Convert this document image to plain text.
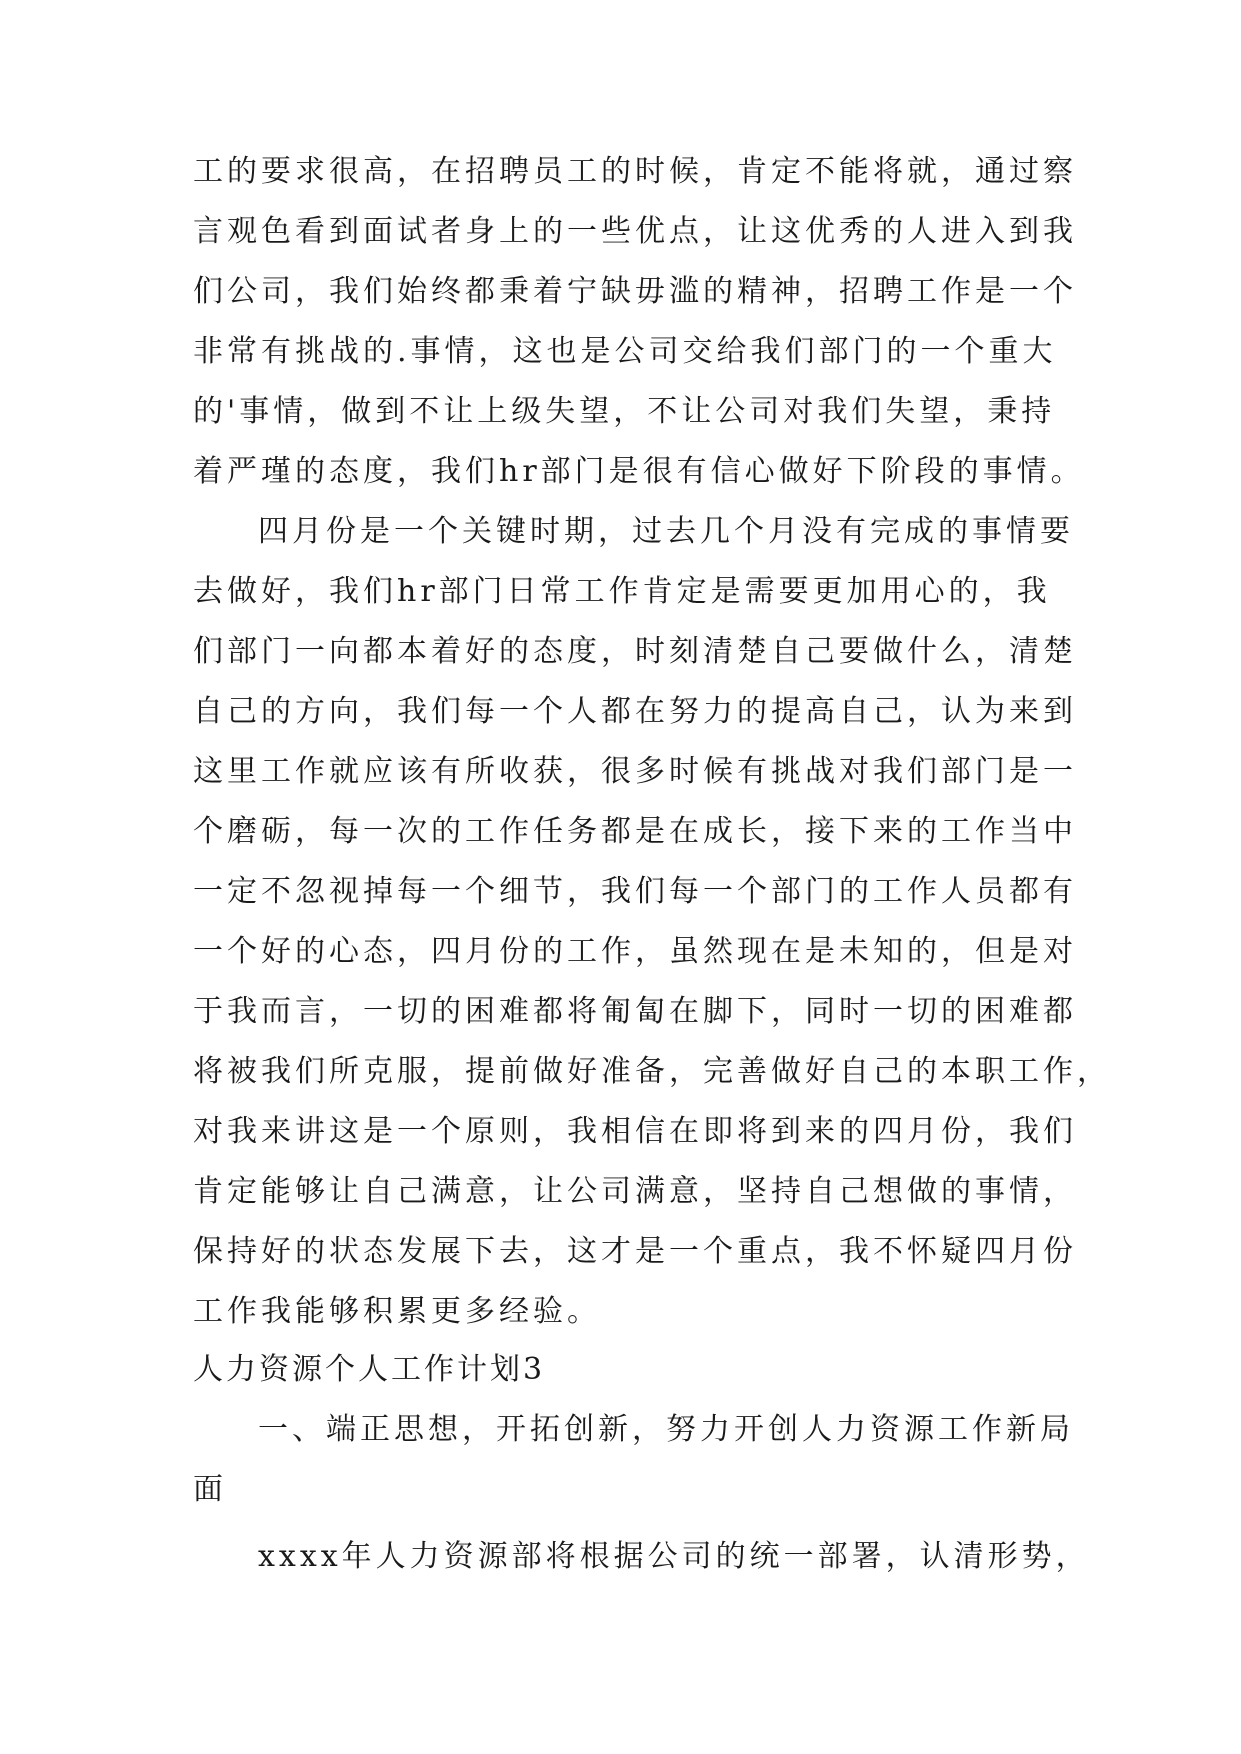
工的要求很高，在招聘员工的时候，肯定不能将就，通过察
言观色看到面试者身上的一些优点，让这优秀的人进入到我
们公司，我们始终都秉着宁缺毋滥的精神，招聘工作是一个
非常有挑战的.事情，这也是公司交给我们部门的一个重大
的'事情，做到不让上级失望，不让公司对我们失望，秉持
着严瑾的态度，我们hr部门是很有信心做好下阶段的事情。
四月份是一个关键时期，过去几个月没有完成的事情要
去做好，我们hr部门日常工作肯定是需要更加用心的，我
们部门一向都本着好的态度，时刻清楚自己要做什么，清楚
自己的方向，我们每一个人都在努力的提高自己，认为来到
这里工作就应该有所收获，很多时候有挑战对我们部门是一
个磨砺，每一次的工作任务都是在成长，接下来的工作当中
一定不忽视掉每一个细节，我们每一个部门的工作人员都有
一个好的心态，四月份的工作，虽然现在是未知的，但是对
于我而言，一切的困难都将匍匐在脚下，同时一切的困难都
将被我们所克服，提前做好准备，完善做好自己的本职工作，
对我来讲这是一个原则，我相信在即将到来的四月份，我们
肯定能够让自己满意，让公司满意，坚持自己想做的事情，
保持好的状态发展下去，这才是一个重点，我不怀疑四月份
工作我能够积累更多经验。
人力资源个人工作计划3
一、端正思想，开拓创新，努力开创人力资源工作新局
面
xxxx年人力资源部将根据公司的统一部署，认清形势，
